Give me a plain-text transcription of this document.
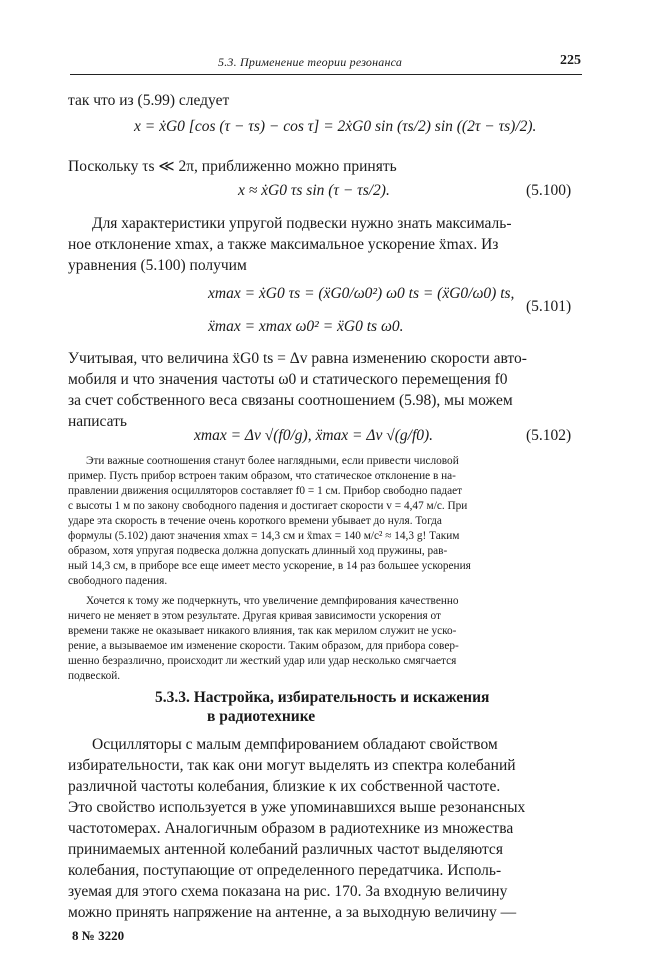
5.3. Применение теории резонанса	225
так что из (5.99) следует
x = ẋG0 [cos (τ − τs) − cos τ] = 2ẋG0 sin (τs/2) sin ((2τ − τs)/2).
Поскольку τs ≪ 2π, приближенно можно принять
x ≈ ẋG0 τs sin (τ − τs/2).	(5.100)
Для характеристики упругой подвески нужно знать максималь-
ное отклонение xmax, а также максимальное ускорение ẍmax. Из
уравнения (5.100) получим
xmax = ẋG0 τs = (ẍG0/ω0²) ω0 ts = (ẍG0/ω0) ts,
ẍmax = xmax ω0² = ẍG0 ts ω0.
(5.101)
Учитывая, что величина ẍG0 ts = Δv равна изменению скорости авто-
мобиля и что значения частоты ω0 и статического перемещения f0
за счет собственного веса связаны соотношением (5.98), мы можем
написать
xmax = Δv √(f0/g), ẍmax = Δv √(g/f0).	(5.102)
Эти важные соотношения станут более наглядными, если привести числовой
пример. Пусть прибор встроен таким образом, что статическое отклонение в на-
правлении движения осцилляторов составляет f0 = 1 см. Прибор свободно падает
с высоты 1 м по закону свободного падения и достигает скорости v = 4,47 м/с. При
ударе эта скорость в течение очень короткого времени убывает до нуля. Тогда
формулы (5.102) дают значения xmax = 14,3 см и ẍmax = 140 м/с² ≈ 14,3 g! Таким
образом, хотя упругая подвеска должна допускать длинный ход пружины, рав-
ный 14,3 см, в приборе все еще имеет место ускорение, в 14 раз большее ускорения
свободного падения.
Хочется к тому же подчеркнуть, что увеличение демпфирования качественно
ничего не меняет в этом результате. Другая кривая зависимости ускорения от
времени также не оказывает никакого влияния, так как мерилом служит не уско-
рение, а вызываемое им изменение скорости. Таким образом, для прибора совер-
шенно безразлично, происходит ли жесткий удар или удар несколько смягчается
подвеской.
5.3.3. Настройка, избирательность и искажения
в радиотехнике
Осцилляторы с малым демпфированием обладают свойством
избирательности, так как они могут выделять из спектра колебаний
различной частоты колебания, близкие к их собственной частоте.
Это свойство используется в уже упоминавшихся выше резонансных
частотомерах. Аналогичным образом в радиотехнике из множества
принимаемых антенной колебаний различных частот выделяются
колебания, поступающие от определенного передатчика. Исполь-
зуемая для этого схема показана на рис. 170. За входную величину
можно принять напряжение на антенне, а за выходную величину —
8 № 3220
